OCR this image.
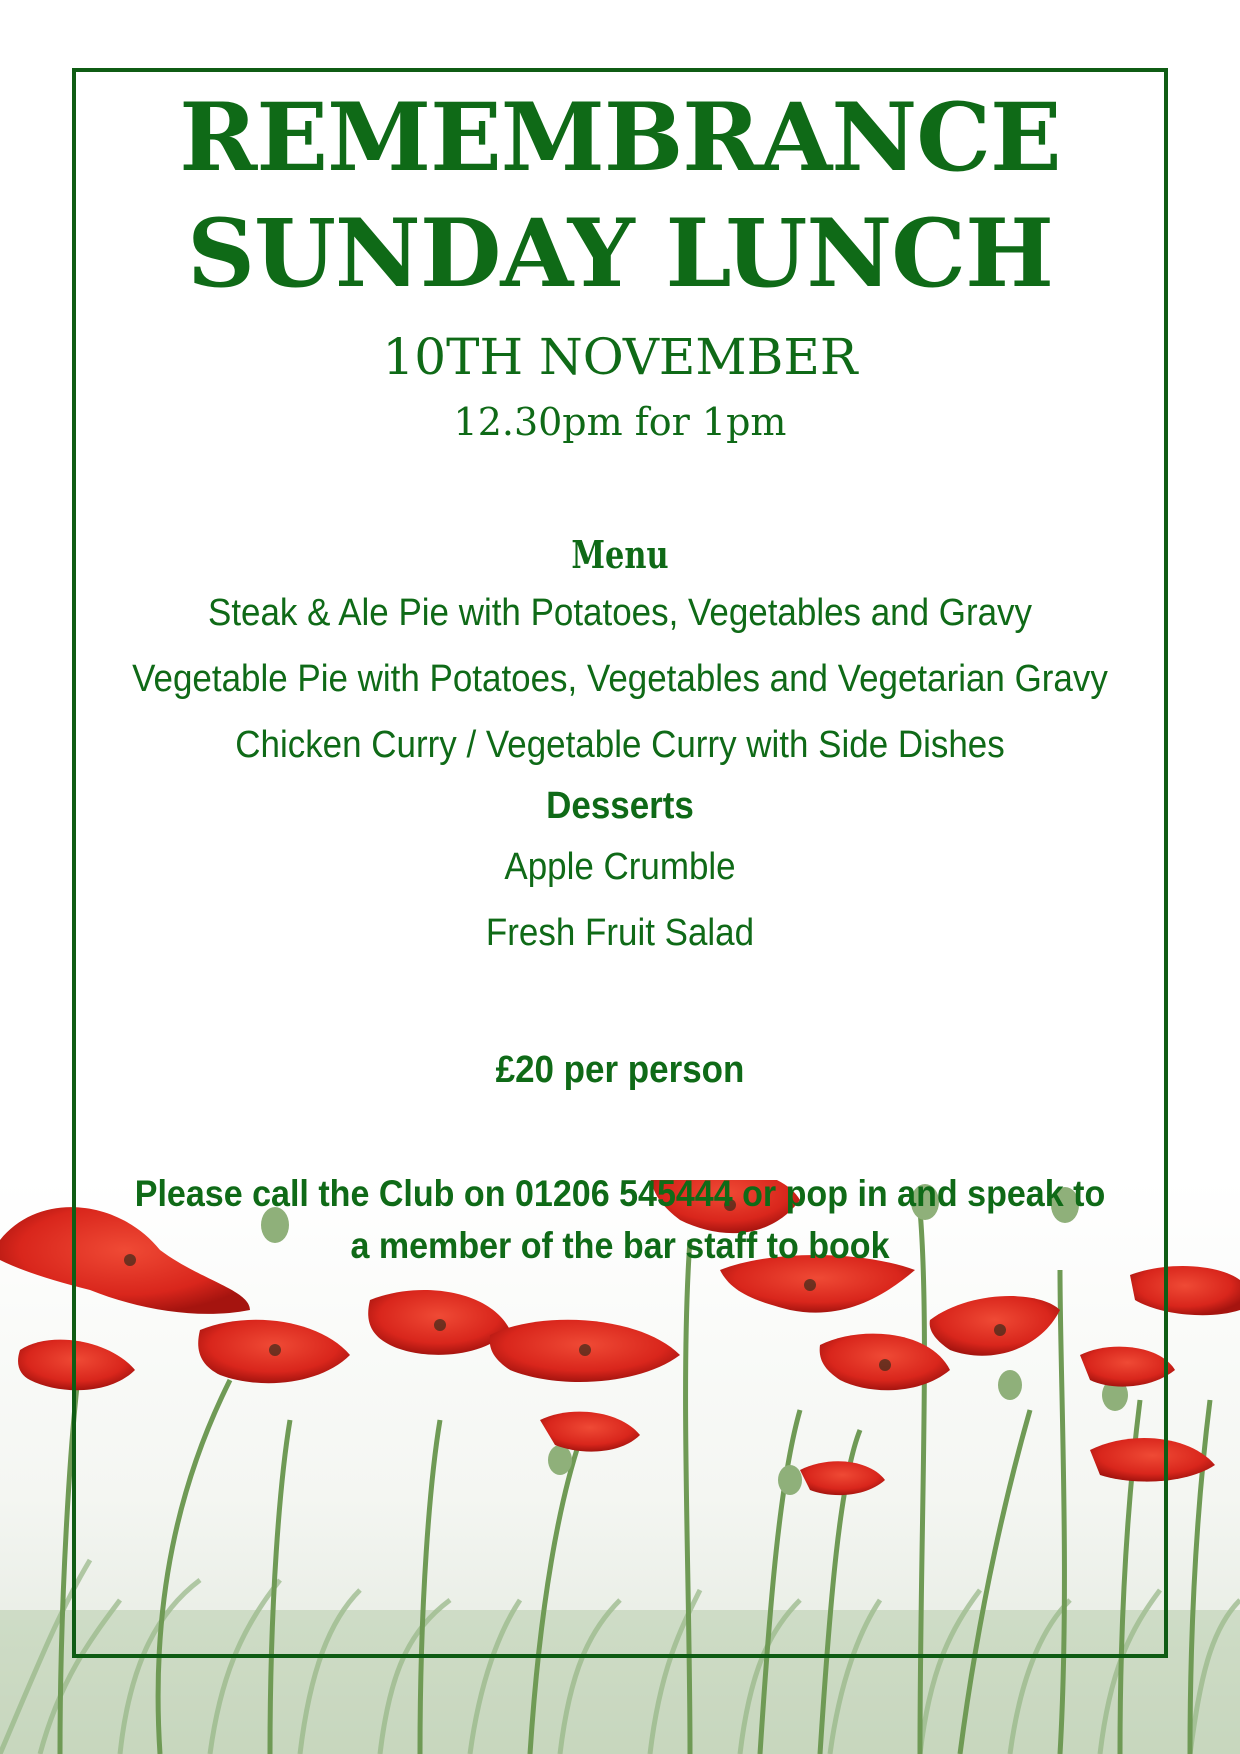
REMEMBRANCE
SUNDAY LUNCH
10TH NOVEMBER
12.30pm for 1pm
Menu
Steak & Ale Pie with Potatoes, Vegetables and Gravy
Vegetable Pie with Potatoes, Vegetables and Vegetarian Gravy
Chicken Curry / Vegetable Curry with Side Dishes
Desserts
Apple Crumble
Fresh Fruit Salad
£20 per person
Please call the Club on 01206 545444 or pop in and speak to
a member of the bar staff to book
